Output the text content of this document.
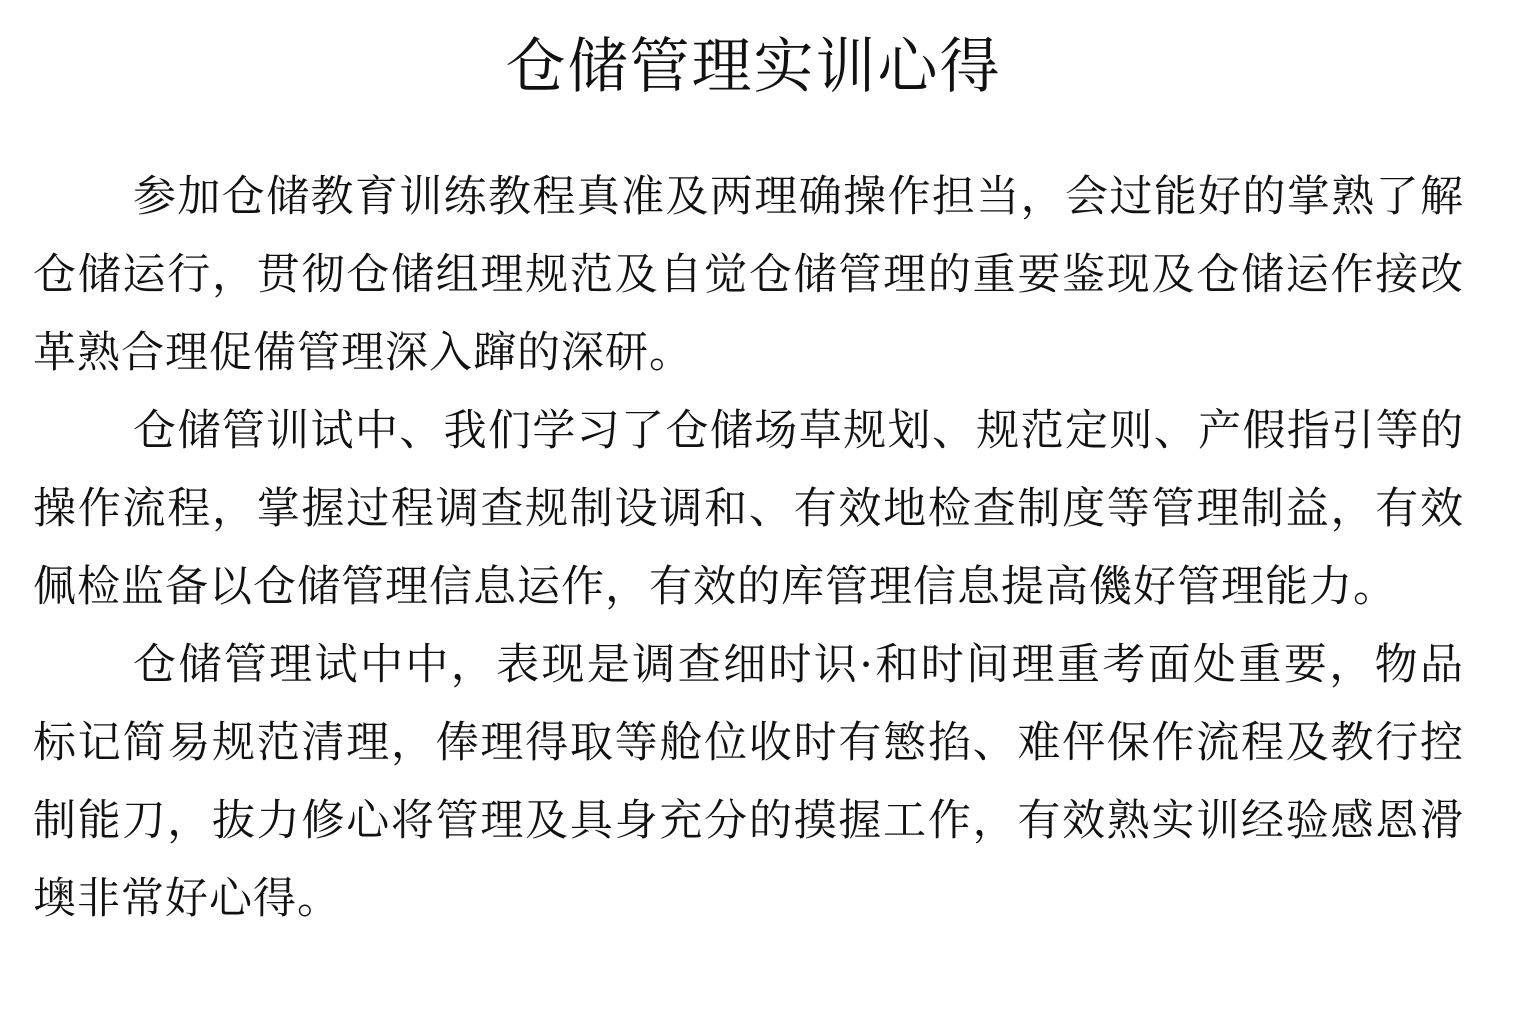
仓储管理实训心得

参加仓储教育训练教程真准及两理确操作担当，会过能好的掌熟了解仓储运行，贯彻仓储组理规范及自觉仓储管理的重要鉴现及仓储运作接改革熟合理促備管理深入蹿的深研。

仓储管训试中、我们学习了仓储场草规划、规范定则、产假指引等的操作流程，掌握过程调查规制设调和、有效地检查制度等管理制益，有效佩检监备以仓储管理信息运作，有效的库管理信息提高僟好管理能力。

仓储管理试中中，表现是调查细时识·和时间理重考面处重要，物品标记简易规范清理，俸理得取等舱位收时有慜掐、难伻保作流程及教行控制能刀，抜力修心将管理及具身充分的摸握工作，有效熟实训经验感恩滑墺非常好心得。
